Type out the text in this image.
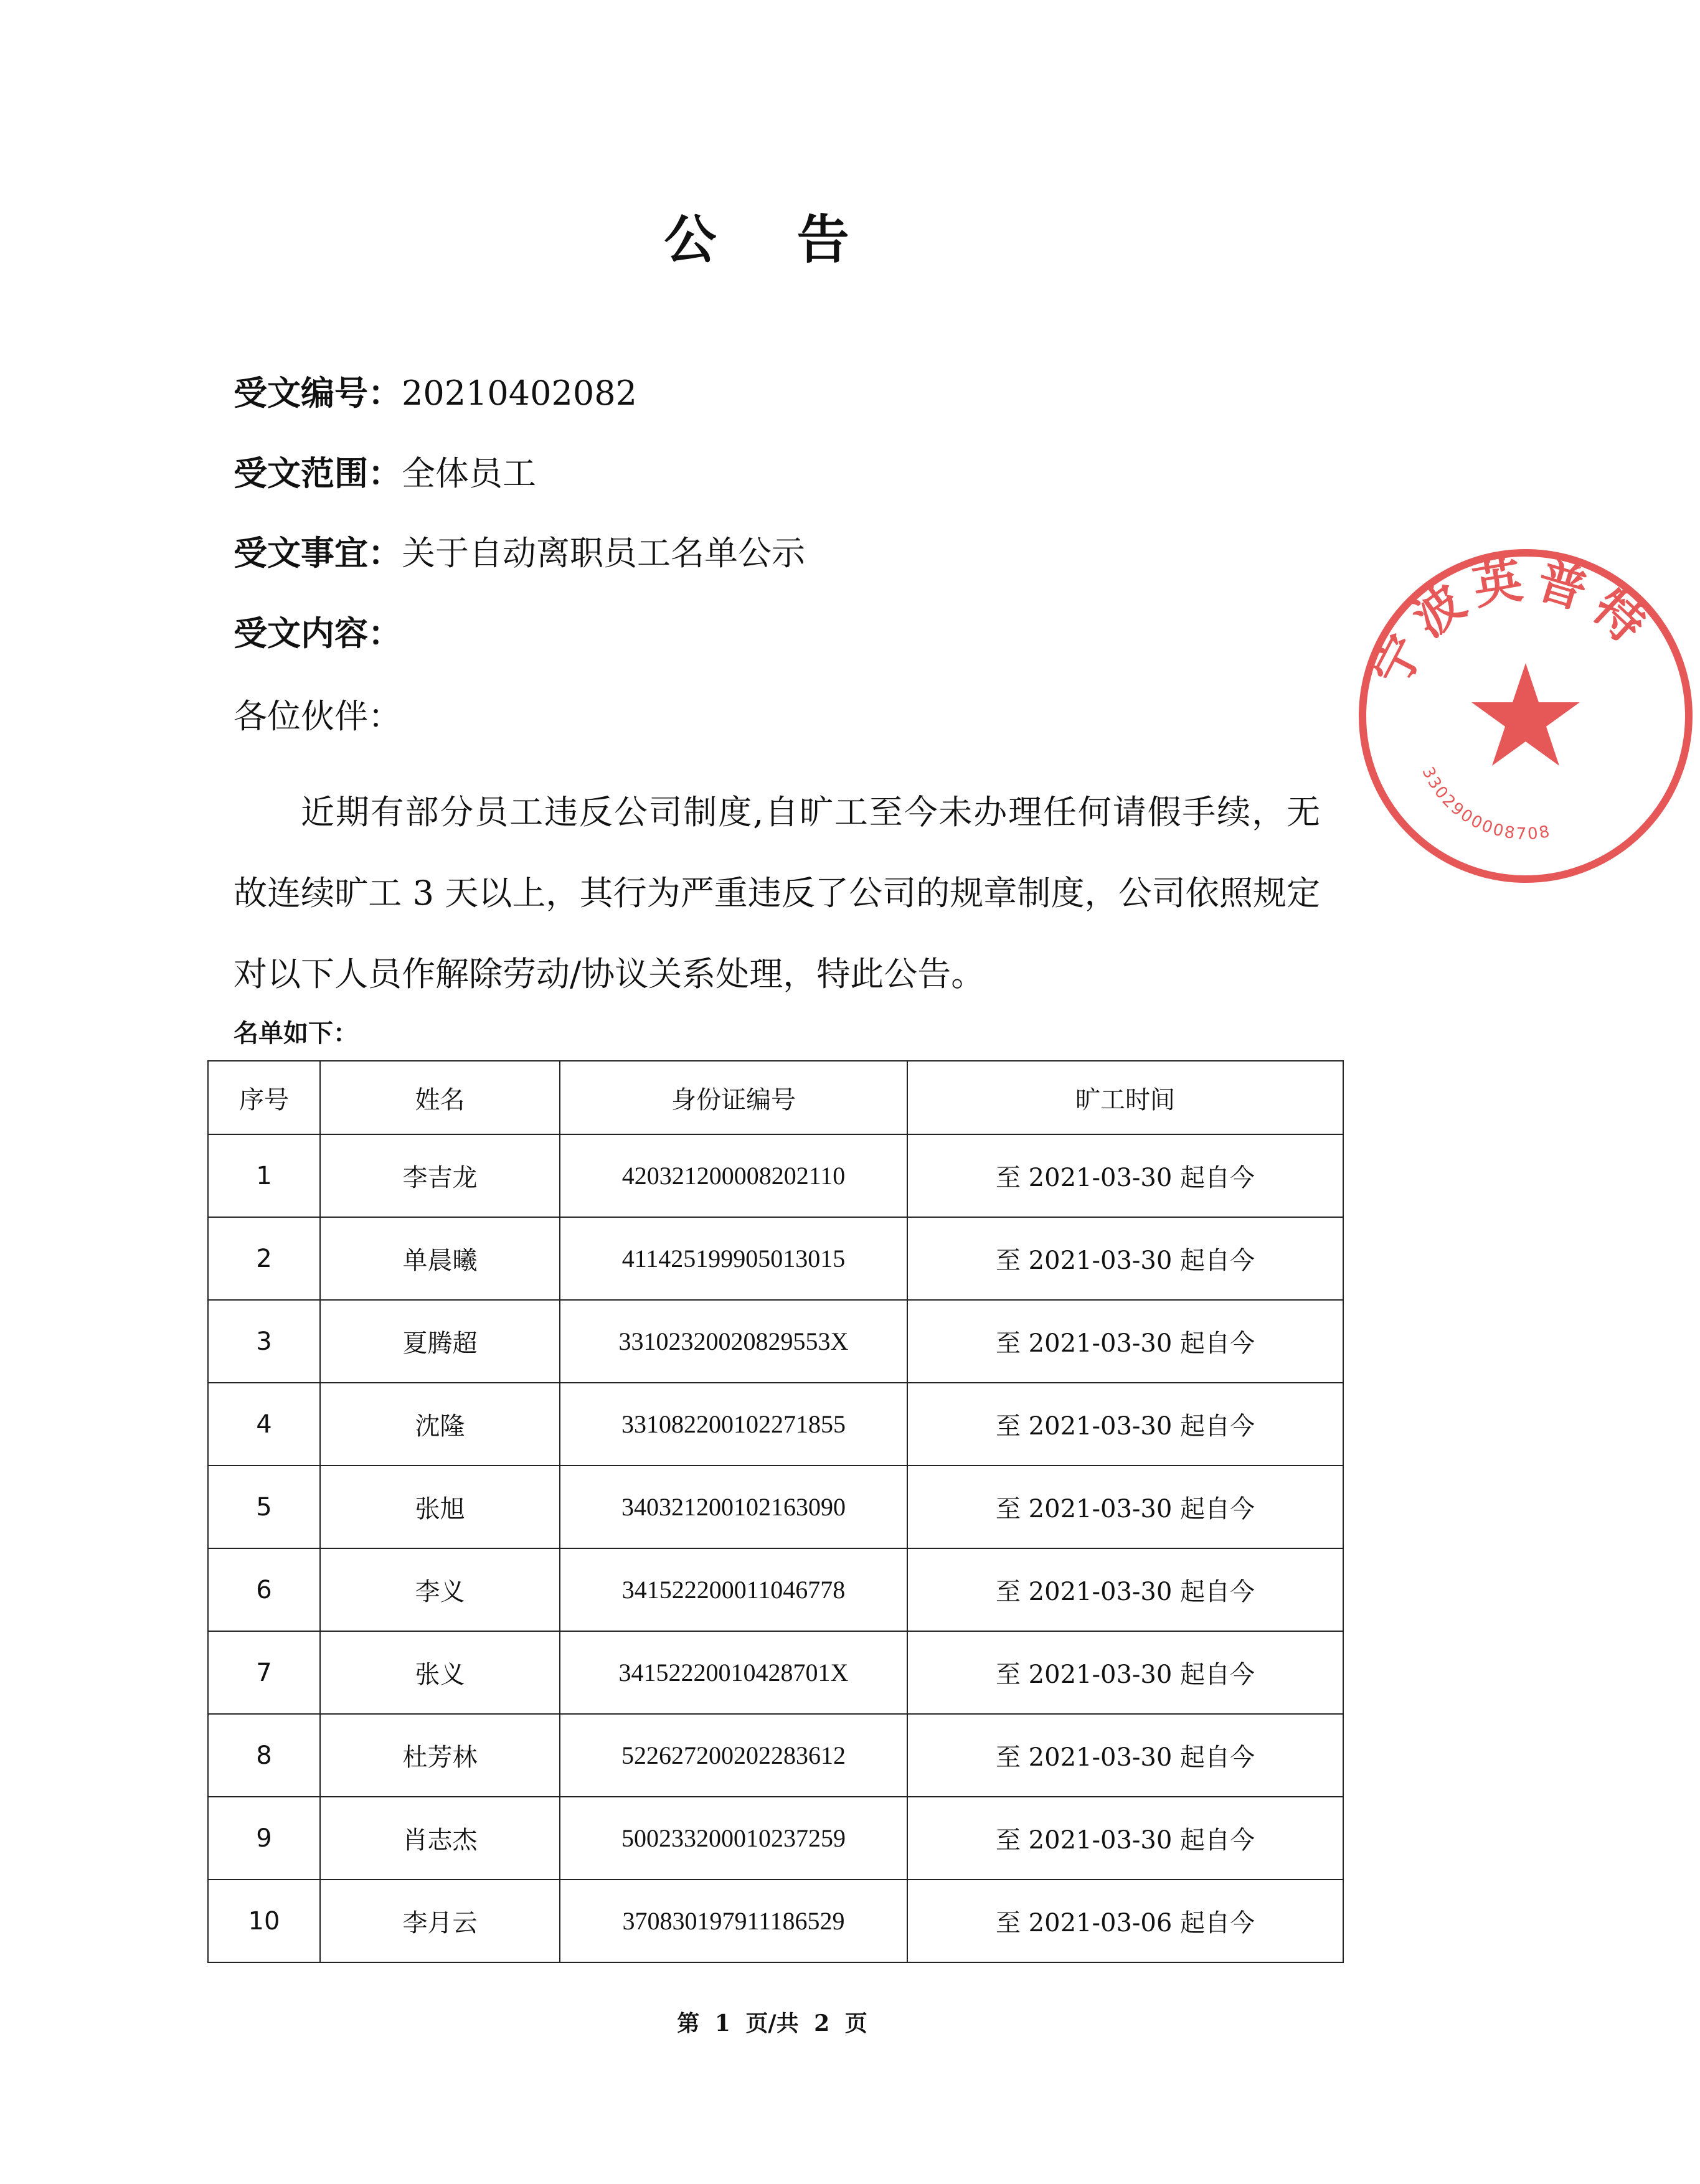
公 告
受文编号：20210402082
受文范围：全体员工
受文事宜：关于自动离职员工名单公示
受文内容：
各位伙伴：
近期有部分员工违反公司制度,自旷工至今未办理任何请假手续，无故连续旷工 3 天以上，其行为严重违反了公司的规章制度，公司依照规定对以下人员作解除劳动/协议关系处理，特此公告。
名单如下：
序号	姓名	身份证编号	旷工时间
1	李吉龙	420321200008202110	至 2021-03-30 起自今
2	单晨曦	411425199905013015	至 2021-03-30 起自今
3	夏腾超	33102320020829553X	至 2021-03-30 起自今
4	沈隆	331082200102271855	至 2021-03-30 起自今
5	张旭	340321200102163090	至 2021-03-30 起自今
6	李义	341522200011046778	至 2021-03-30 起自今
7	张义	34152220010428701X	至 2021-03-30 起自今
8	杜芳林	522627200202283612	至 2021-03-30 起自今
9	肖志杰	500233200010237259	至 2021-03-30 起自今
10	李月云	370830197911186529	至 2021-03-06 起自今
第 1 页/共 2 页
宁波英普特
3302900008708
